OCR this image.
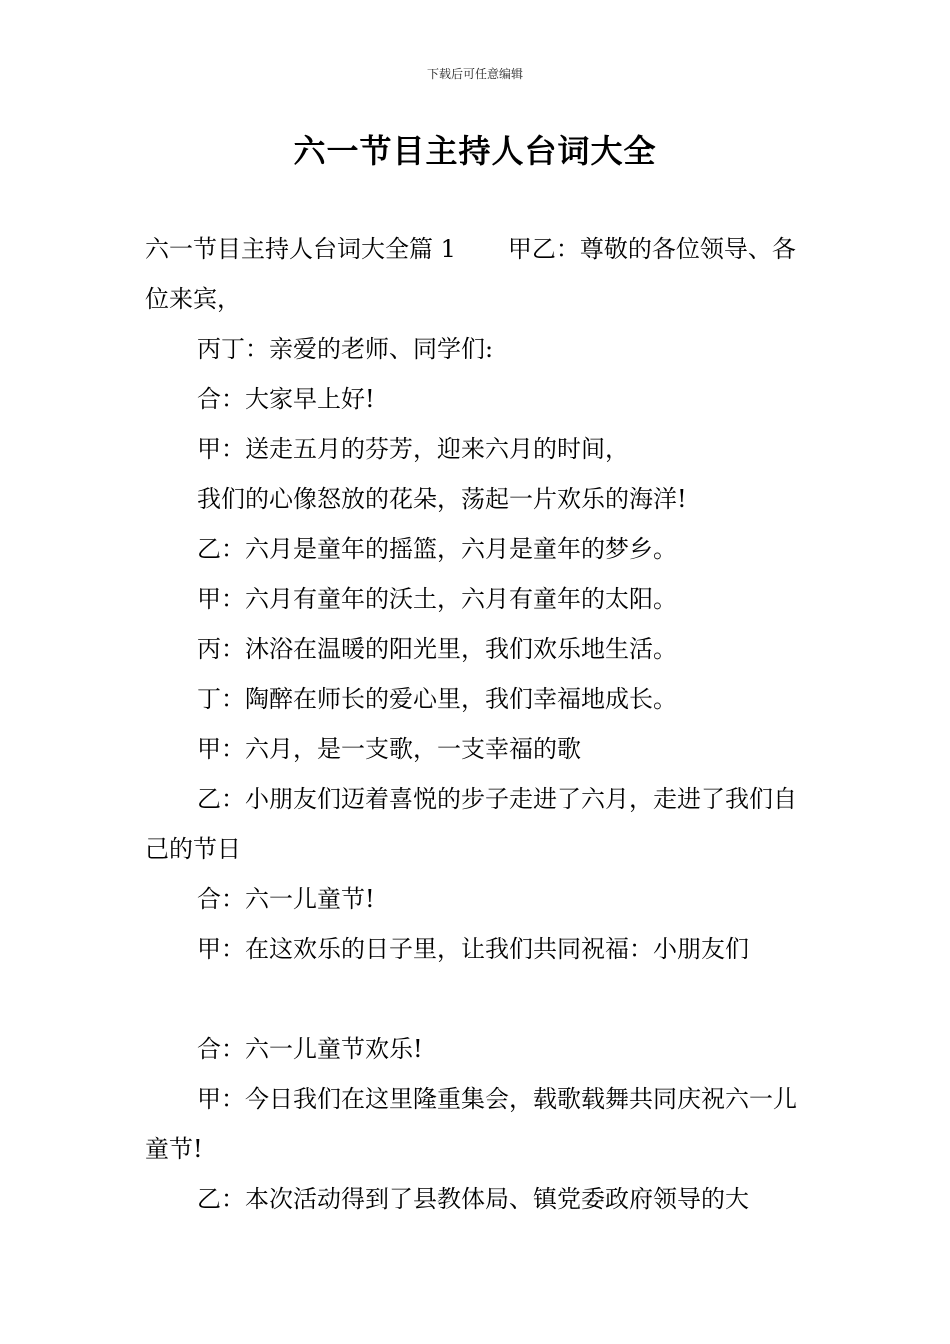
下载后可任意编辑
六一节目主持人台词大全

六一节目主持人台词大全篇 1 甲乙：尊敬的各位领导、各位来宾，

丙丁：亲爱的老师、同学们:

合：大家早上好!

甲：送走五月的芬芳，迎来六月的时间，

我们的心像怒放的花朵，荡起一片欢乐的海洋!

乙：六月是童年的摇篮，六月是童年的梦乡。

甲：六月有童年的沃土，六月有童年的太阳。

丙：沐浴在温暖的阳光里，我们欢乐地生活。

丁：陶醉在师长的爱心里，我们幸福地成长。

甲：六月，是一支歌，一支幸福的歌

乙：小朋友们迈着喜悦的步子走进了六月，走进了我们自己的节日

合：六一儿童节!

甲：在这欢乐的日子里，让我们共同祝福：小朋友们

合：六一儿童节欢乐!

甲：今日我们在这里隆重集会，载歌载舞共同庆祝六一儿童节!

乙：本次活动得到了县教体局、镇党委政府领导的大
